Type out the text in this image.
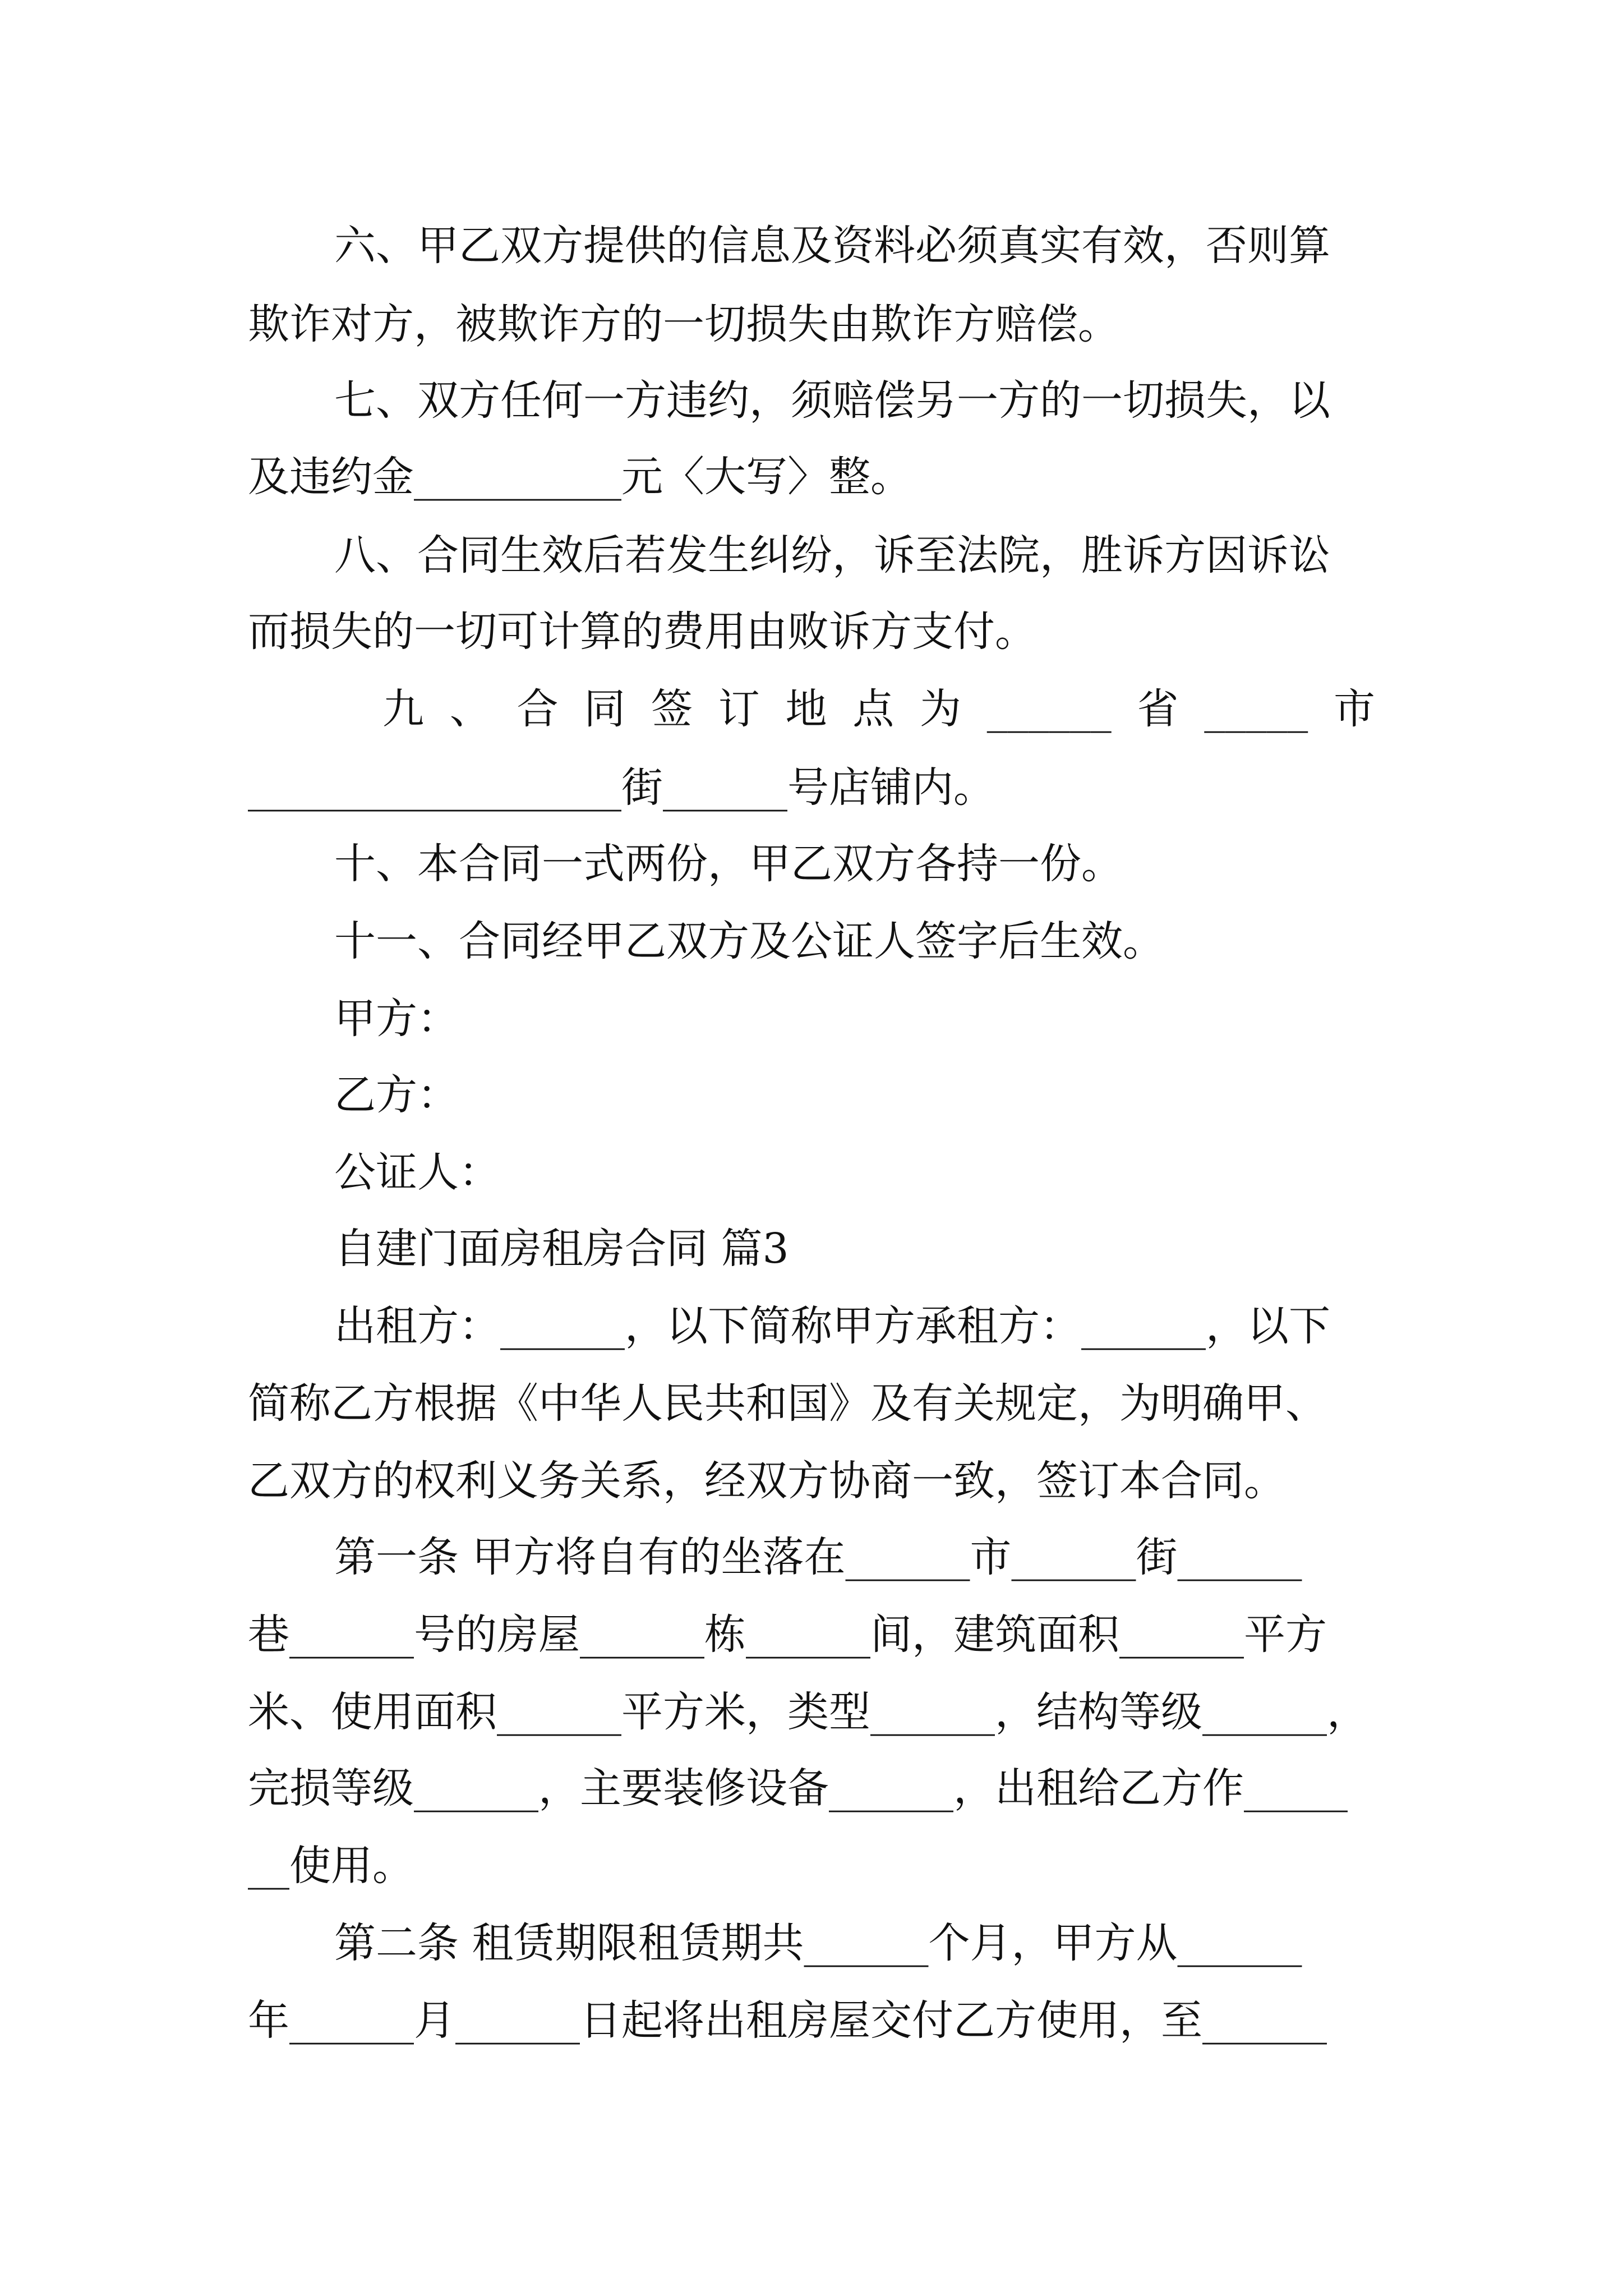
六、甲乙双方提供的信息及资料必须真实有效，否则算
欺诈对方，被欺诈方的一切损失由欺诈方赔偿。
七、双方任何一方违约，须赔偿另一方的一切损失，以
及违约金__________元〈大写〉整。
八、合同生效后若发生纠纷，诉至法院，胜诉方因诉讼
而损失的一切可计算的费用由败诉方支付。
九、合同签订地点为______省_____市
__________________街______号店铺内。
十、本合同一式两份，甲乙双方各持一份。
十一、合同经甲乙双方及公证人签字后生效。
甲方：
乙方：
公证人：
自建门面房租房合同 篇3
出租方：______，以下简称甲方承租方：______，以下
简称乙方根据《中华人民共和国》及有关规定，为明确甲、
乙双方的权利义务关系，经双方协商一致，签订本合同。
第一条 甲方将自有的坐落在______市______街______
巷______号的房屋______栋______间，建筑面积______平方
米、使用面积______平方米，类型______，结构等级______，
完损等级______，主要装修设备______，出租给乙方作_____
__使用。
第二条 租赁期限租赁期共______个月，甲方从______
年______月______日起将出租房屋交付乙方使用，至______
